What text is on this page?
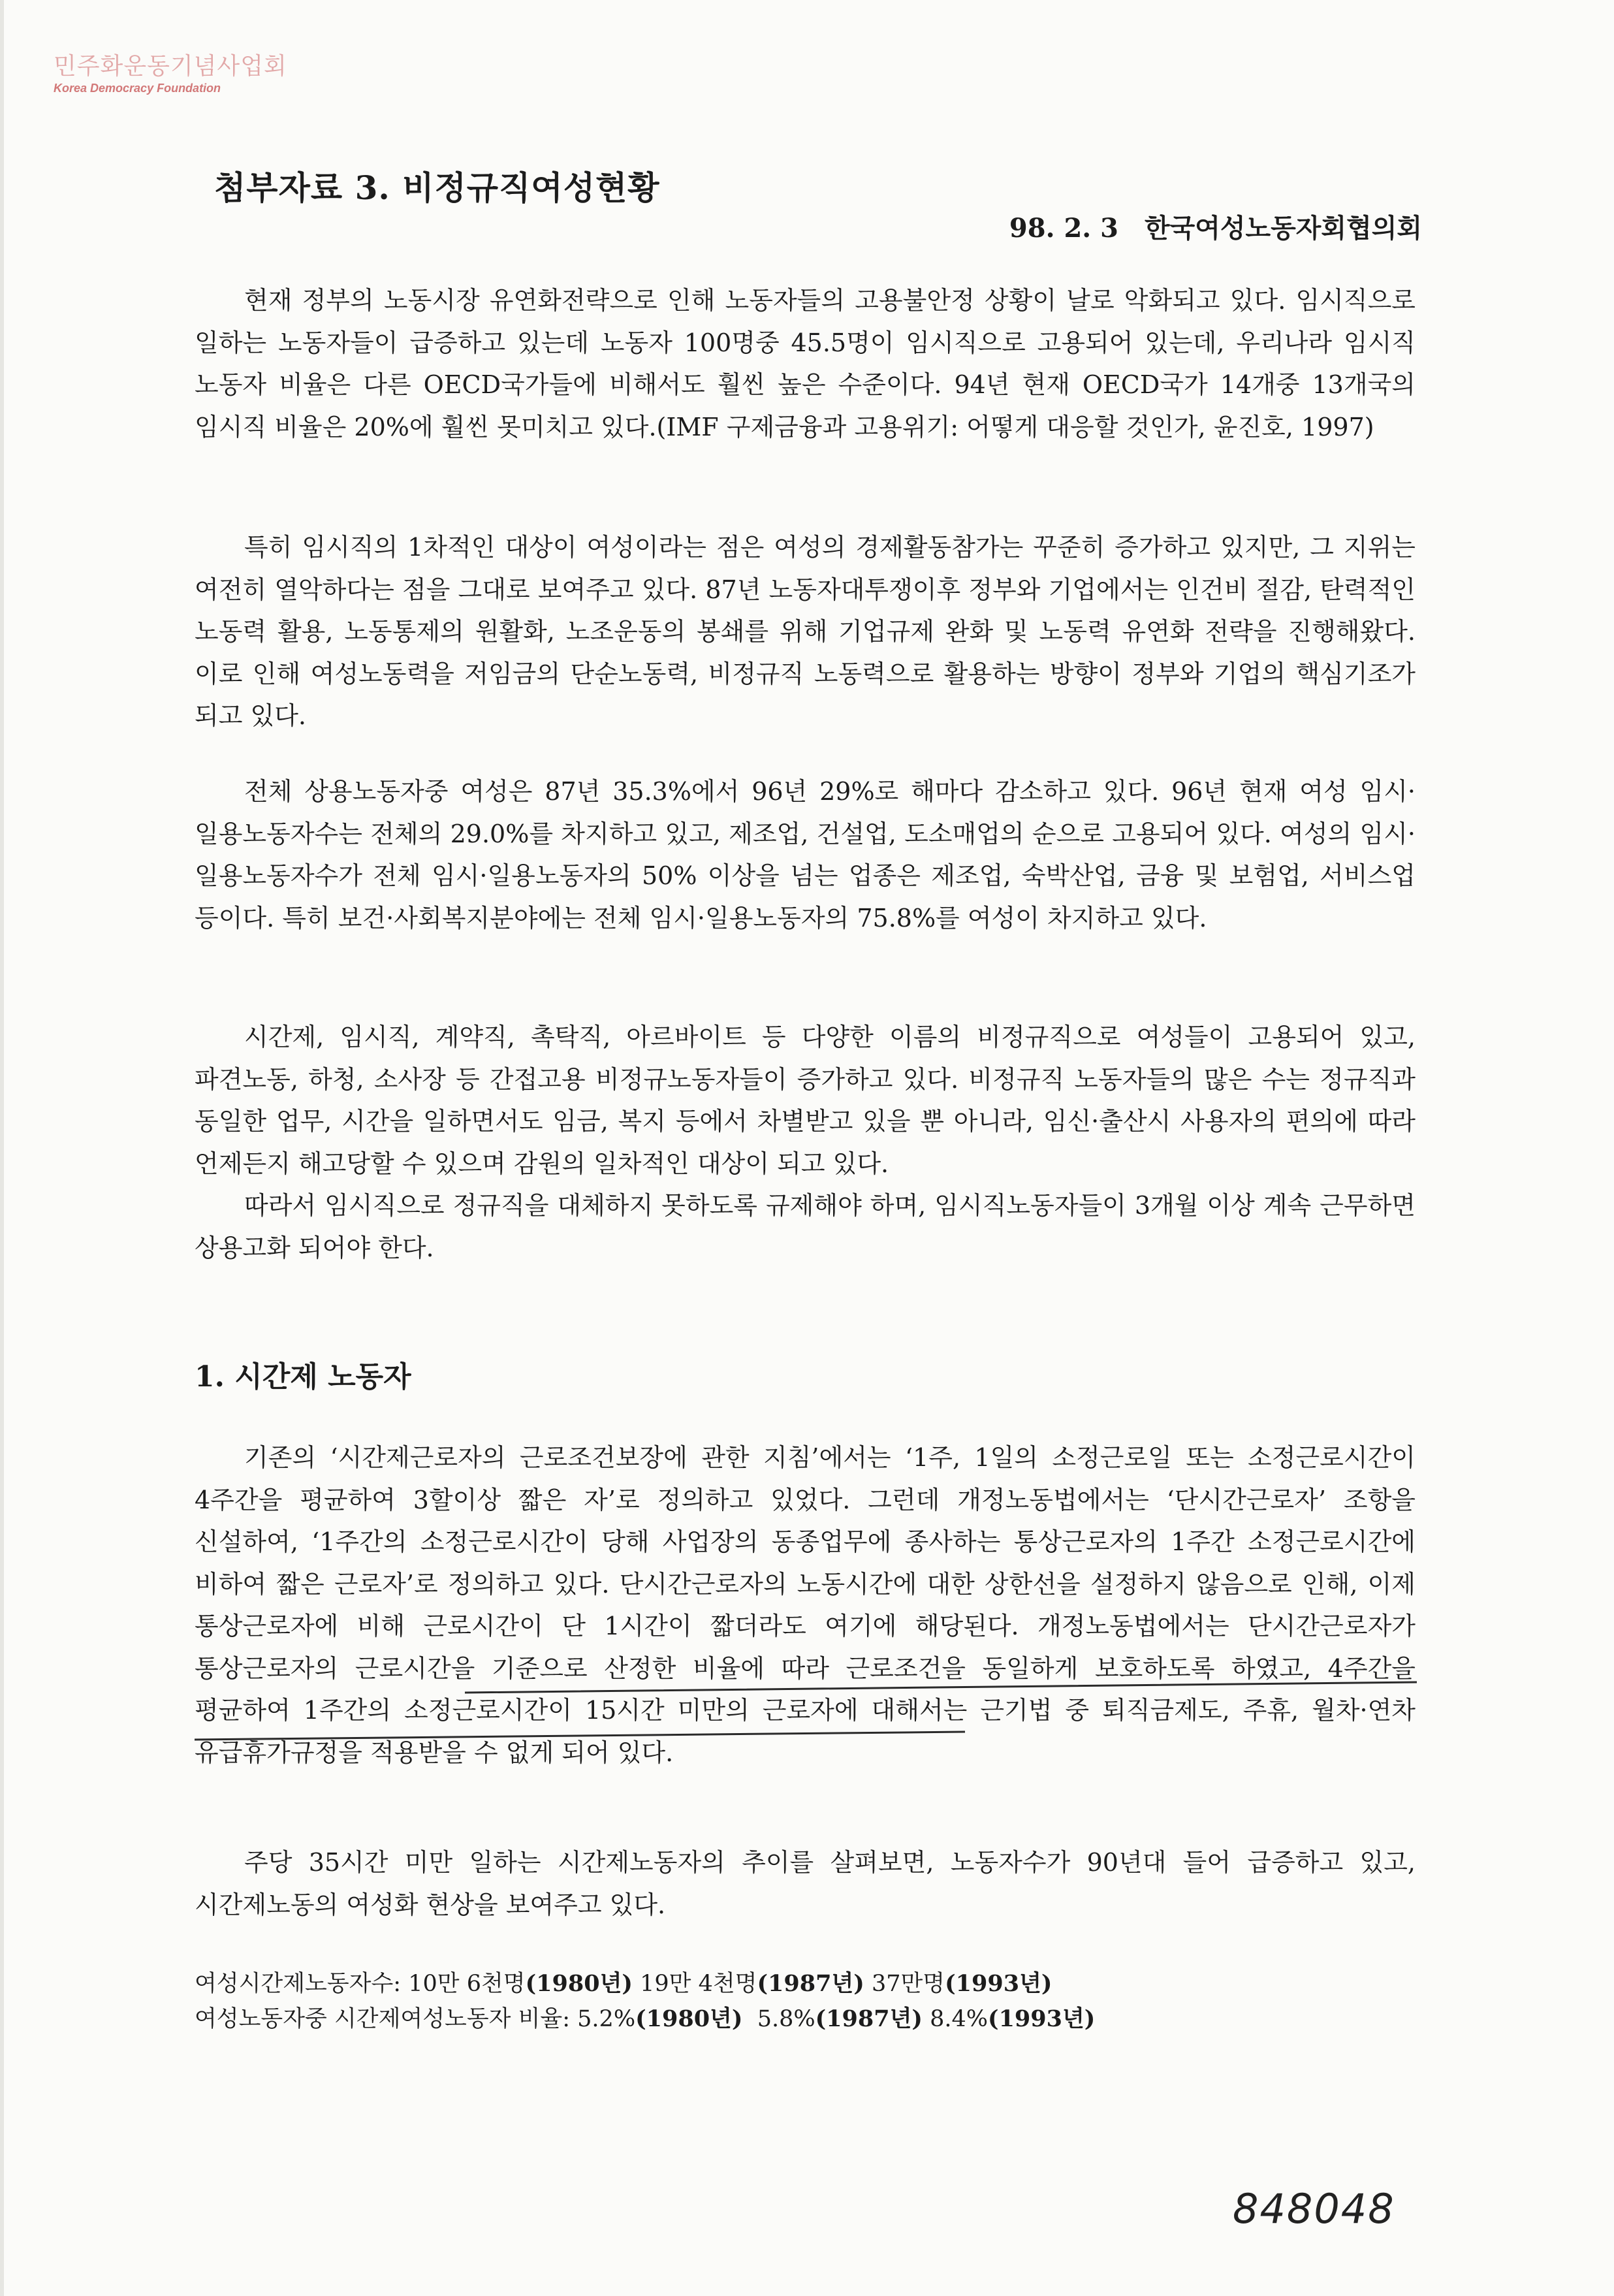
민주화운동기념사업회
Korea Democracy Foundation
첨부자료 3. 비정규직여성현황
98. 2. 3 한국여성노동자회협의회
현재 정부의 노동시장 유연화전략으로 인해 노동자들의 고용불안정 상황이 날로 악화되고 있다. 임시직으로 일하는 노동자들이 급증하고 있는데 노동자 100명중 45.5명이 임시직으로 고용되어 있는데, 우리나라 임시직 노동자 비율은 다른 OECD국가들에 비해서도 훨씬 높은 수준이다. 94년 현재 OECD국가 14개중 13개국의 임시직 비율은 20%에 훨씬 못미치고 있다.(IMF 구제금융과 고용위기: 어떻게 대응할 것인가, 윤진호, 1997)
특히 임시직의 1차적인 대상이 여성이라는 점은 여성의 경제활동참가는 꾸준히 증가하고 있지만, 그 지위는 여전히 열악하다는 점을 그대로 보여주고 있다. 87년 노동자대투쟁이후 정부와 기업에서는 인건비 절감, 탄력적인 노동력 활용, 노동통제의 원활화, 노조운동의 봉쇄를 위해 기업규제 완화 및 노동력 유연화 전략을 진행해왔다. 이로 인해 여성노동력을 저임금의 단순노동력, 비정규직 노동력으로 활용하는 방향이 정부와 기업의 핵심기조가 되고 있다.
전체 상용노동자중 여성은 87년 35.3%에서 96년 29%로 해마다 감소하고 있다. 96년 현재 여성 임시·일용노동자수는 전체의 29.0%를 차지하고 있고, 제조업, 건설업, 도소매업의 순으로 고용되어 있다. 여성의 임시·일용노동자수가 전체 임시·일용노동자의 50% 이상을 넘는 업종은 제조업, 숙박산업, 금융 및 보험업, 서비스업 등이다. 특히 보건·사회복지분야에는 전체 임시·일용노동자의 75.8%를 여성이 차지하고 있다.
시간제, 임시직, 계약직, 촉탁직, 아르바이트 등 다양한 이름의 비정규직으로 여성들이 고용되어 있고, 파견노동, 하청, 소사장 등 간접고용 비정규노동자들이 증가하고 있다. 비정규직 노동자들의 많은 수는 정규직과 동일한 업무, 시간을 일하면서도 임금, 복지 등에서 차별받고 있을 뿐 아니라, 임신·출산시 사용자의 편의에 따라 언제든지 해고당할 수 있으며 감원의 일차적인 대상이 되고 있다.
따라서 임시직으로 정규직을 대체하지 못하도록 규제해야 하며, 임시직노동자들이 3개월 이상 계속 근무하면 상용고화 되어야 한다.
1. 시간제 노동자
기존의 ‘시간제근로자의 근로조건보장에 관한 지침’에서는 ‘1주, 1일의 소정근로일 또는 소정근로시간이 4주간을 평균하여 3할이상 짧은 자’로 정의하고 있었다. 그런데 개정노동법에서는 ‘단시간근로자’ 조항을 신설하여, ‘1주간의 소정근로시간이 당해 사업장의 동종업무에 종사하는 통상근로자의 1주간 소정근로시간에 비하여 짧은 근로자’로 정의하고 있다. 단시간근로자의 노동시간에 대한 상한선을 설정하지 않음으로 인해, 이제 통상근로자에 비해 근로시간이 단 1시간이 짧더라도 여기에 해당된다. 개정노동법에서는 단시간근로자가 통상근로자의 근로시간을 기준으로 산정한 비율에 따라 근로조건을 동일하게 보호하도록 하였고, 4주간을 평균하여 1주간의 소정근로시간이 15시간 미만의 근로자에 대해서는 근기법 중 퇴직금제도, 주휴, 월차·연차 유급휴가규정을 적용받을 수 없게 되어 있다.
주당 35시간 미만 일하는 시간제노동자의 추이를 살펴보면, 노동자수가 90년대 들어 급증하고 있고, 시간제노동의 여성화 현상을 보여주고 있다.
여성시간제노동자수: 10만 6천명(1980년) 19만 4천명(1987년) 37만명(1993년)
여성노동자중 시간제여성노동자 비율: 5.2%(1980년) 5.8%(1987년) 8.4%(1993년)
848048
